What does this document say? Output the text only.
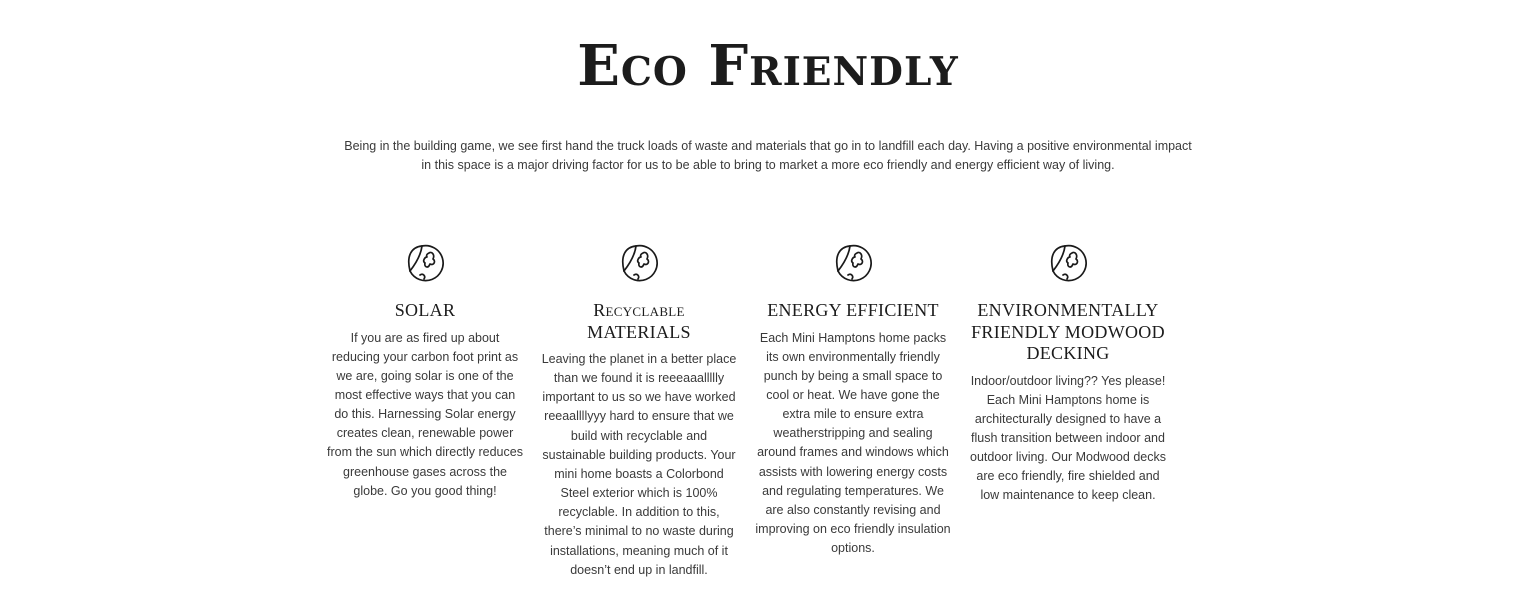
Eco Friendly

Being in the building game, we see first hand the truck loads of waste and materials that go in to landfill each day. Having a positive environmental impact in this space is a major driving factor for us to be able to bring to market a more eco friendly and energy efficient way of living.

SOLAR

If you are as fired up about reducing your carbon foot print as we are, going solar is one of the most effective ways that you can do this. Harnessing Solar energy creates clean, renewable power from the sun which directly reduces greenhouse gases across the globe. Go you good thing!

Recyclable MATERIALS

Leaving the planet in a better place than we found it is reeeaaallllly important to us so we have worked reeaallllyyy hard to ensure that we build with recyclable and sustainable building products. Your mini home boasts a Colorbond Steel exterior which is 100% recyclable. In addition to this, there’s minimal to no waste during installations, meaning much of it doesn’t end up in landfill.

ENERGY EFFICIENT

Each Mini Hamptons home packs its own environmentally friendly punch by being a small space to cool or heat. We have gone the extra mile to ensure extra weatherstripping and sealing around frames and windows which assists with lowering energy costs and regulating temperatures. We are also constantly revising and improving on eco friendly insulation options.

ENVIRONMENTALLY FRIENDLY MODWOOD DECKING

Indoor/outdoor living?? Yes please! Each Mini Hamptons home is architecturally designed to have a flush transition between indoor and outdoor living. Our Modwood decks are eco friendly, fire shielded and low maintenance to keep clean.
